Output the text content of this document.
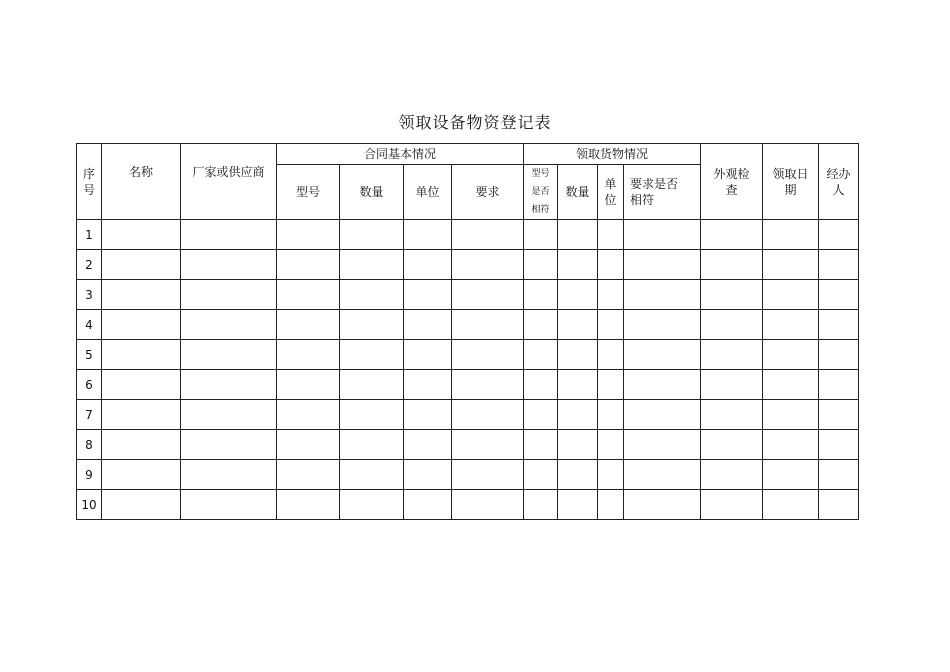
领取设备物资登记表
序号	名称	厂家或供应商	合同基本情况				领取货物情况				外观检查	领取日期	经办人
			型号	数量	单位	要求	型号是否相符	数量	单位	要求是否相符			
1													
2													
3													
4													
5													
6													
7													
8													
9													
10													
